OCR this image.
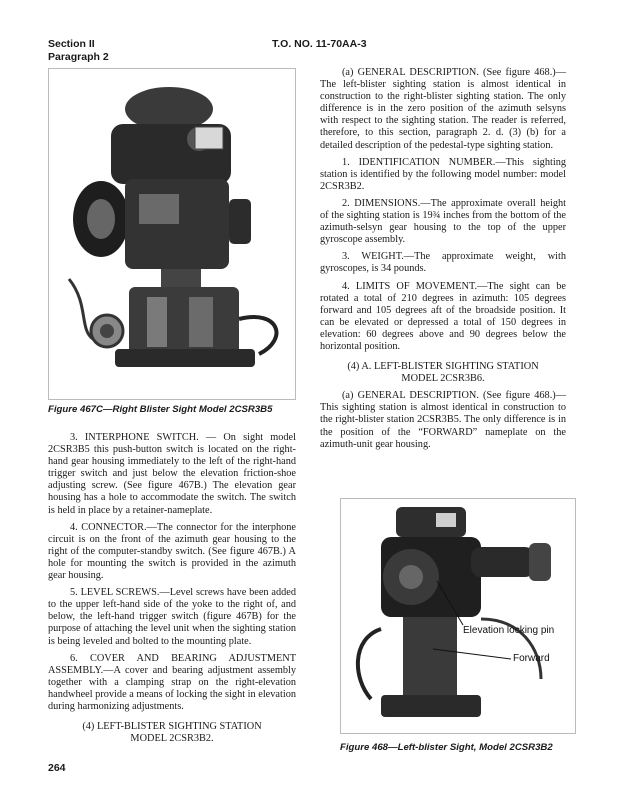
Section II
Paragraph 2
T.O. NO. 11-70AA-3
Figure 467C—Right Blister Sight Model 2CSR3B5

3. INTERPHONE SWITCH. — On sight model 2CSR3B5 this push-button switch is located on the right-hand gear housing immediately to the left of the right-hand trigger switch and just below the elevation friction-shoe adjusting screw. (See figure 467B.) The elevation gear housing has a hole to accommodate the switch. The switch is held in place by a retainer-nameplate.

4. CONNECTOR.—The connector for the interphone circuit is on the front of the azimuth gear housing to the right of the computer-standby switch. (See figure 467B.) A hole for mounting the switch is provided in the azimuth gear housing.

5. LEVEL SCREWS.—Level screws have been added to the upper left-hand side of the yoke to the right of, and below, the left-hand trigger switch (figure 467B) for the purpose of attaching the level unit when the sighting station is being leveled and bolted to the mounting plate.

6. COVER AND BEARING ADJUSTMENT ASSEMBLY.—A cover and bearing adjustment assembly together with a clamping strap on the right-elevation handwheel provide a means of locking the sight in elevation during harmonizing adjustments.

(4) LEFT-BLISTER SIGHTING STATION

MODEL 2CSR3B2.

(a) GENERAL DESCRIPTION. (See figure 468.)—The left-blister sighting station is almost identical in construction to the right-blister sighting station. The only difference is in the zero position of the azimuth selsyns with respect to the sighting station. The reader is referred, therefore, to this section, paragraph 2. d. (3) (b) for a detailed description of the pedestal-type sighting station.

1. IDENTIFICATION NUMBER.—This sighting station is identified by the following model number: model 2CSR3B2.

2. DIMENSIONS.—The approximate overall height of the sighting station is 19¾ inches from the bottom of the azimuth-selsyn gear housing to the top of the upper gyroscope assembly.

3. WEIGHT.—The approximate weight, with gyroscopes, is 34 pounds.

4. LIMITS OF MOVEMENT.—The sight can be rotated a total of 210 degrees in azimuth: 105 degrees forward and 105 degrees aft of the broadside position. It can be elevated or depressed a total of 150 degrees in elevation: 60 degrees above and 90 degrees below the horizontal position.

(4) A. LEFT-BLISTER SIGHTING STATION

MODEL 2CSR3B6.

(a) GENERAL DESCRIPTION. (See figure 468.)—This sighting station is almost identical in construction to the right-blister station 2CSR3B5. The only difference is in the position of the “FORWARD” nameplate on the azimuth-unit gear housing.

Elevation locking pin
Forward
Figure 468—Left-blister Sight, Model 2CSR3B2
264
